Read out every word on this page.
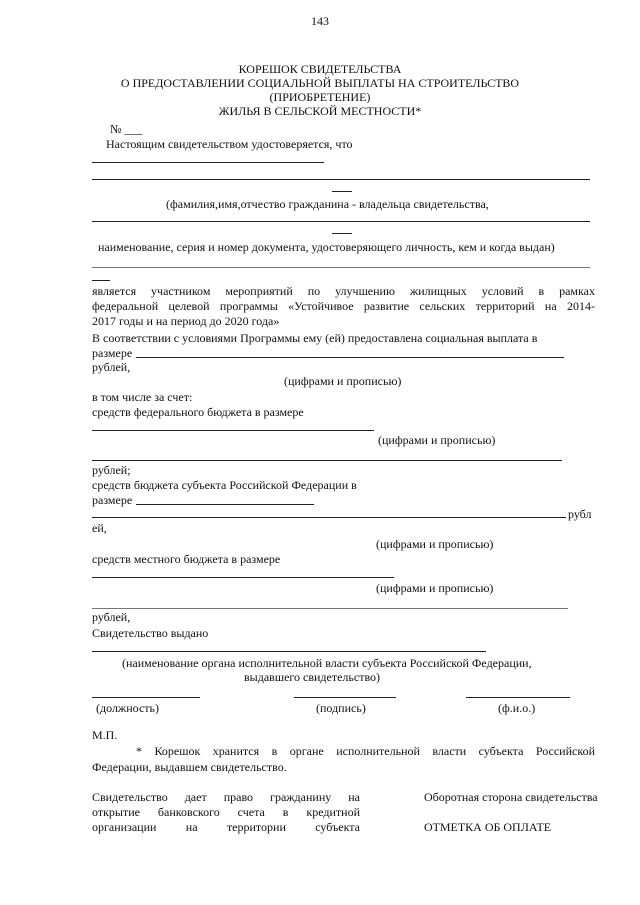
143
КОРЕШОК СВИДЕТЕЛЬСТВА
О ПРЕДОСТАВЛЕНИИ СОЦИАЛЬНОЙ ВЫПЛАТЫ НА СТРОИТЕЛЬСТВО
(ПРИОБРЕТЕНИЕ)
ЖИЛЬЯ В СЕЛЬСКОЙ МЕСТНОСТИ*
№ ___
Настоящим свидетельством удостоверяется, что
(фамилия,имя,отчество гражданина - владельца свидетельства,
наименование, серия и номер документа, удостоверяющего личность, кем и когда выдан)
является участником мероприятий по улучшению жилищных условий в рамках
федеральной целевой программы «Устойчивое развитие сельских территорий на 2014-
2017 годы и на период до 2020 года»
В соответствии с условиями Программы ему (ей) предоставлена социальная выплата в
размере
рублей,
(цифрами и прописью)
в том числе за счет:
средств федерального бюджета в размере
(цифрами и прописью)
рублей;
средств бюджета субъекта Российской Федерации в
размере
рубл
ей,
(цифрами и прописью)
средств местного бюджета в размере
(цифрами и прописью)
рублей,
Свидетельство выдано
(наименование органа исполнительной власти субъекта Российской Федерации,
выдавшего свидетельство)
(должность)	(подпись)	(ф.и.о.)
М.П.
* Корешок хранится в органе исполнительной власти субъекта Российской
Федерации, выдавшем свидетельство.
Свидетельство дает право гражданину на
открытие банковского счета в кредитной
организации на территории субъекта
Оборотная сторона свидетельства
ОТМЕТКА ОБ ОПЛАТЕ
